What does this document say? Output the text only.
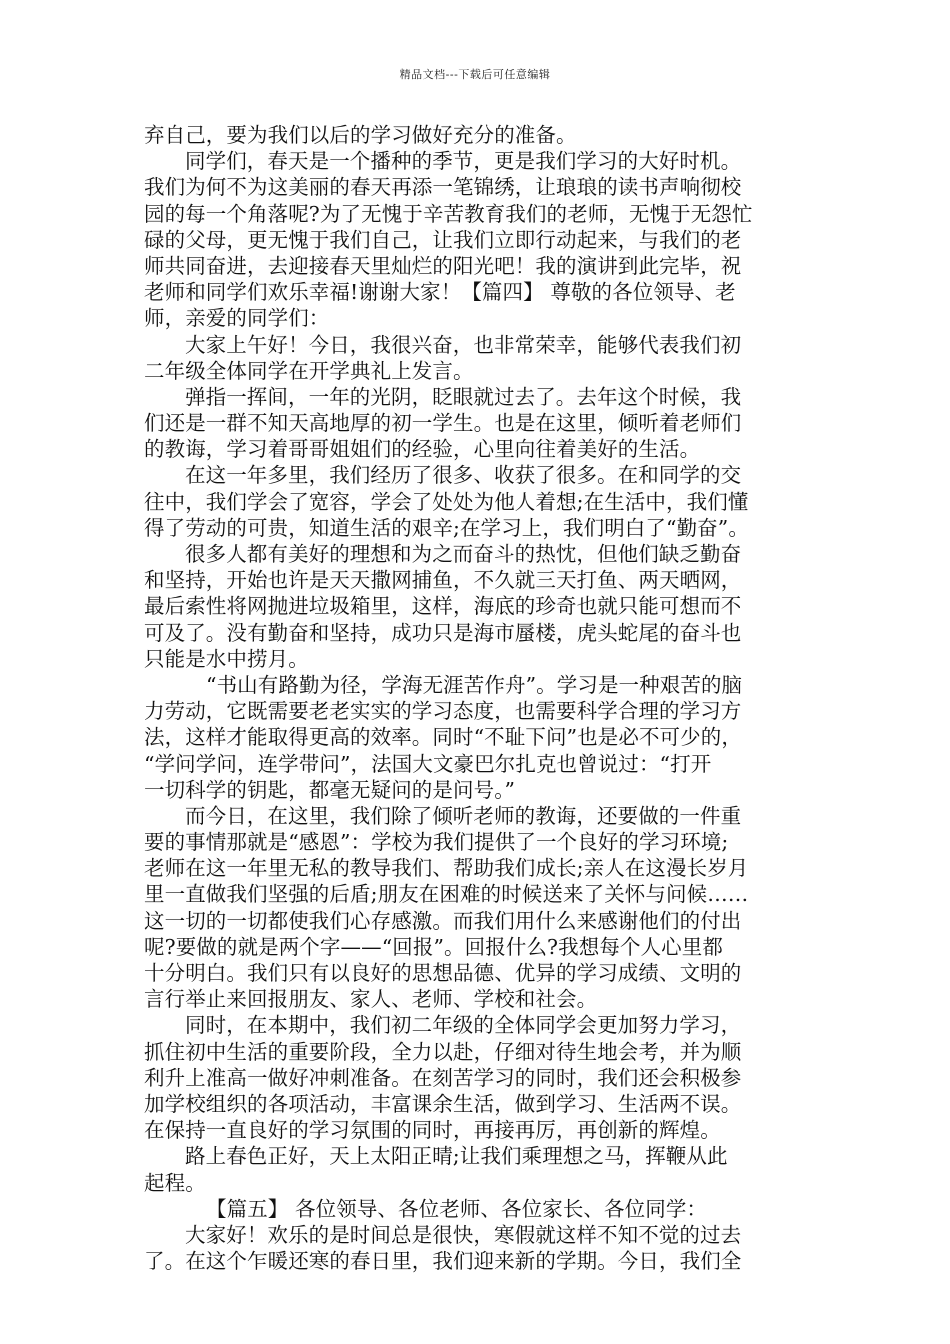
精品文档---下载后可任意编辑
弃自己，要为我们以后的学习做好充分的准备。
同学们，春天是一个播种的季节，更是我们学习的大好时机。
我们为何不为这美丽的春天再添一笔锦绣，让琅琅的读书声响彻校
园的每一个角落呢?为了无愧于辛苦教育我们的老师，无愧于无怨忙
碌的父母，更无愧于我们自己，让我们立即行动起来，与我们的老
师共同奋进，去迎接春天里灿烂的阳光吧！我的演讲到此完毕，祝
老师和同学们欢乐幸福!谢谢大家！【篇四】 尊敬的各位领导、老
师，亲爱的同学们：
大家上午好！今日，我很兴奋，也非常荣幸，能够代表我们初
二年级全体同学在开学典礼上发言。
弹指一挥间，一年的光阴，眨眼就过去了。去年这个时候，我
们还是一群不知天高地厚的初一学生。也是在这里，倾听着老师们
的教诲，学习着哥哥姐姐们的经验，心里向往着美好的生活。
在这一年多里，我们经历了很多、收获了很多。在和同学的交
往中，我们学会了宽容，学会了处处为他人着想;在生活中，我们懂
得了劳动的可贵，知道生活的艰辛;在学习上，我们明白了“勤奋”。
很多人都有美好的理想和为之而奋斗的热忱，但他们缺乏勤奋
和坚持，开始也许是天天撒网捕鱼，不久就三天打鱼、两天晒网，
最后索性将网抛进垃圾箱里，这样，海底的珍奇也就只能可想而不
可及了。没有勤奋和坚持，成功只是海市蜃楼，虎头蛇尾的奋斗也
只能是水中捞月。
“书山有路勤为径，学海无涯苦作舟”。学习是一种艰苦的脑
力劳动，它既需要老老实实的学习态度，也需要科学合理的学习方
法，这样才能取得更高的效率。同时“不耻下问”也是必不可少的，
“学问学问，连学带问”，法国大文豪巴尔扎克也曾说过：“打开
一切科学的钥匙，都毫无疑问的是问号。”
而今日，在这里，我们除了倾听老师的教诲，还要做的一件重
要的事情那就是“感恩”：学校为我们提供了一个良好的学习环境;
老师在这一年里无私的教导我们、帮助我们成长;亲人在这漫长岁月
里一直做我们坚强的后盾;朋友在困难的时候送来了关怀与问候……
这一切的一切都使我们心存感激。而我们用什么来感谢他们的付出
呢?要做的就是两个字——“回报”。回报什么?我想每个人心里都
十分明白。我们只有以良好的思想品德、优异的学习成绩、文明的
言行举止来回报朋友、家人、老师、学校和社会。
同时，在本期中，我们初二年级的全体同学会更加努力学习，
抓住初中生活的重要阶段，全力以赴，仔细对待生地会考，并为顺
利升上准高一做好冲刺准备。在刻苦学习的同时，我们还会积极参
加学校组织的各项活动，丰富课余生活，做到学习、生活两不误。
在保持一直良好的学习氛围的同时，再接再厉，再创新的辉煌。
路上春色正好，天上太阳正晴;让我们乘理想之马，挥鞭从此
起程。
【篇五】 各位领导、各位老师、各位家长、各位同学：
大家好！欢乐的是时间总是很快，寒假就这样不知不觉的过去
了。在这个乍暖还寒的春日里，我们迎来新的学期。今日，我们全
